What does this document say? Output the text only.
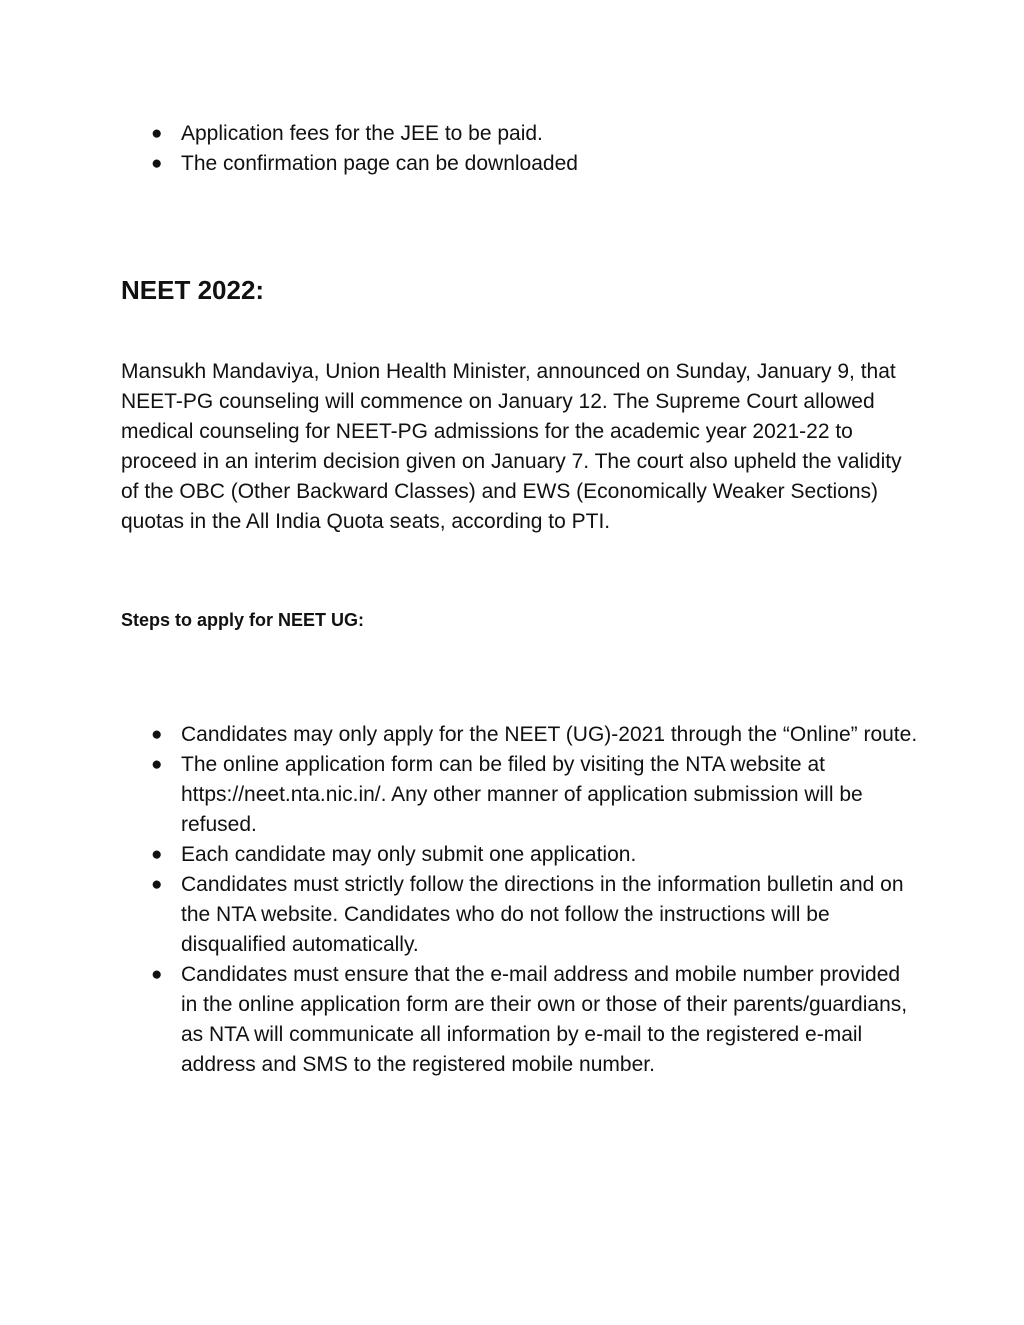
● Application fees for the JEE to be paid.
● The confirmation page can be downloaded
NEET 2022:

Mansukh Mandaviya, Union Health Minister, announced on Sunday, January 9, that NEET-PG counseling will commence on January 12. The Supreme Court allowed medical counseling for NEET-PG admissions for the academic year 2021-22 to proceed in an interim decision given on January 7. The court also upheld the validity of the OBC (Other Backward Classes) and EWS (Economically Weaker Sections) quotas in the All India Quota seats, according to PTI.

Steps to apply for NEET UG:
● Candidates may only apply for the NEET (UG)-2021 through the “Online” route.
● The online application form can be filed by visiting the NTA website at https://neet.nta.nic.in/. Any other manner of application submission will be refused.
● Each candidate may only submit one application.
● Candidates must strictly follow the directions in the information bulletin and on the NTA website. Candidates who do not follow the instructions will be disqualified automatically.
● Candidates must ensure that the e-mail address and mobile number provided in the online application form are their own or those of their parents/guardians, as NTA will communicate all information by e-mail to the registered e-mail address and SMS to the registered mobile number.
